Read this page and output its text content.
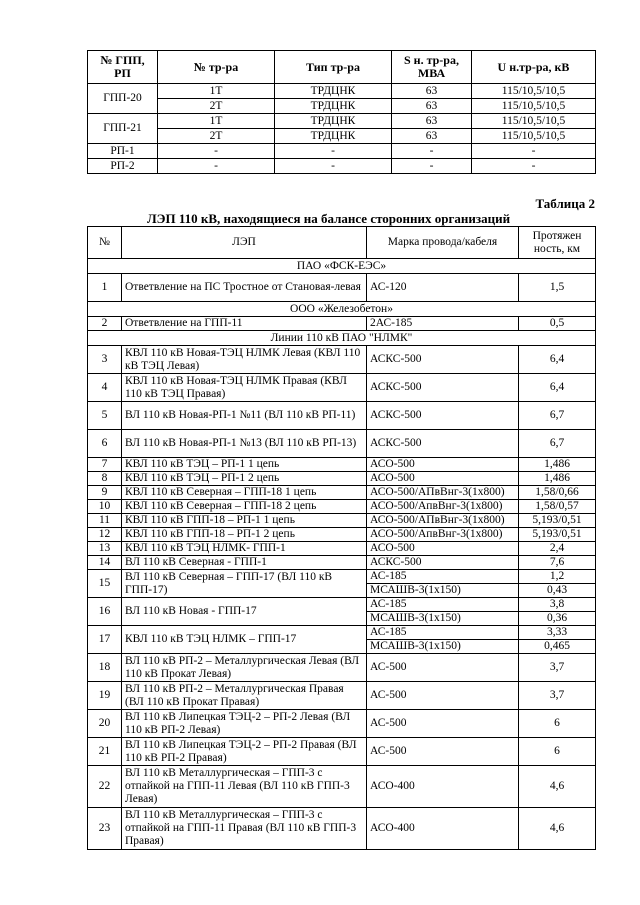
№ ГПП, РП	№ тр-ра	Тип тр-ра	S н. тр-ра, МВА	U н.тр-ра, кВ
ГПП-20	1Т	ТРДЦНК	63	115/10,5/10,5
	2Т	ТРДЦНК	63	115/10,5/10,5
ГПП-21	1Т	ТРДЦНК	63	115/10,5/10,5
	2Т	ТРДЦНК	63	115/10,5/10,5
РП-1	-	-	-	-
РП-2	-	-	-	-
Таблица 2
ЛЭП 110 кВ, находящиеся на балансе сторонних организаций
№	ЛЭП	Марка провода/кабеля	Протяжен ность, км
ПАО «ФСК-ЕЭС»			
1	Ответвление на ПС Тростное от Становая-левая	АС-120	1,5
ООО «Железобетон»			
2	Ответвление на ГПП-11	2АС-185	0,5
Линии 110 кВ ПАО "НЛМК"			
3	КВЛ 110 кВ Новая-ТЭЦ НЛМК Левая (КВЛ 110 кВ ТЭЦ Левая)	АСКС-500	6,4
4	КВЛ 110 кВ Новая-ТЭЦ НЛМК Правая (КВЛ 110 кВ ТЭЦ Правая)	АСКС-500	6,4
5	ВЛ 110 кВ Новая-РП-1 №11 (ВЛ 110 кВ РП-11)	АСКС-500	6,7
6	ВЛ 110 кВ Новая-РП-1 №13 (ВЛ 110 кВ РП-13)	АСКС-500	6,7
7	КВЛ 110 кВ ТЭЦ – РП-1 1 цепь	АСО-500	1,486
8	КВЛ 110 кВ ТЭЦ – РП-1 2 цепь	АСО-500	1,486
9	КВЛ 110 кВ Северная – ГПП-18 1 цепь	АСО-500/АПвВнг-3(1х800)	1,58/0,66
10	КВЛ 110 кВ Северная – ГПП-18 2 цепь	АСО-500/АпвВнг-3(1х800)	1,58/0,57
11	КВЛ 110 кВ ГПП-18 – РП-1 1 цепь	АСО-500/АПвВнг-3(1х800)	5,193/0,51
12	КВЛ 110 кВ ГПП-18 – РП-1 2 цепь	АСО-500/АпвВнг-3(1х800)	5,193/0,51
13	КВЛ 110 кВ ТЭЦ НЛМК- ГПП-1	АСО-500	2,4
14	ВЛ 110 кВ Северная - ГПП-1	АСКС-500	7,6
15	ВЛ 110 кВ Северная – ГПП-17 (ВЛ 110 кВ ГПП-17)	АС-185	1,2
		МСАШВ-3(1х150)	0,43
16	ВЛ 110 кВ Новая - ГПП-17	АС-185	3,8
		МСАШВ-3(1х150)	0,36
17	КВЛ 110 кВ ТЭЦ НЛМК – ГПП-17	АС-185	3,33
		МСАШВ-3(1х150)	0,465
18	ВЛ 110 кВ РП-2 – Металлургическая Левая (ВЛ 110 кВ Прокат Левая)	АС-500	3,7
19	ВЛ 110 кВ РП-2 – Металлургическая Правая (ВЛ 110 кВ Прокат Правая)	АС-500	3,7
20	ВЛ 110 кВ Липецкая ТЭЦ-2 – РП-2 Левая (ВЛ 110 кВ РП-2 Левая)	АС-500	6
21	ВЛ 110 кВ Липецкая ТЭЦ-2 – РП-2 Правая (ВЛ 110 кВ РП-2 Правая)	АС-500	6
22	ВЛ 110 кВ Металлургическая – ГПП-3 с отпайкой на ГПП-11 Левая (ВЛ 110 кВ ГПП-3 Левая)	АСО-400	4,6
23	ВЛ 110 кВ Металлургическая – ГПП-3 с отпайкой на ГПП-11 Правая (ВЛ 110 кВ ГПП-3 Правая)	АСО-400	4,6
